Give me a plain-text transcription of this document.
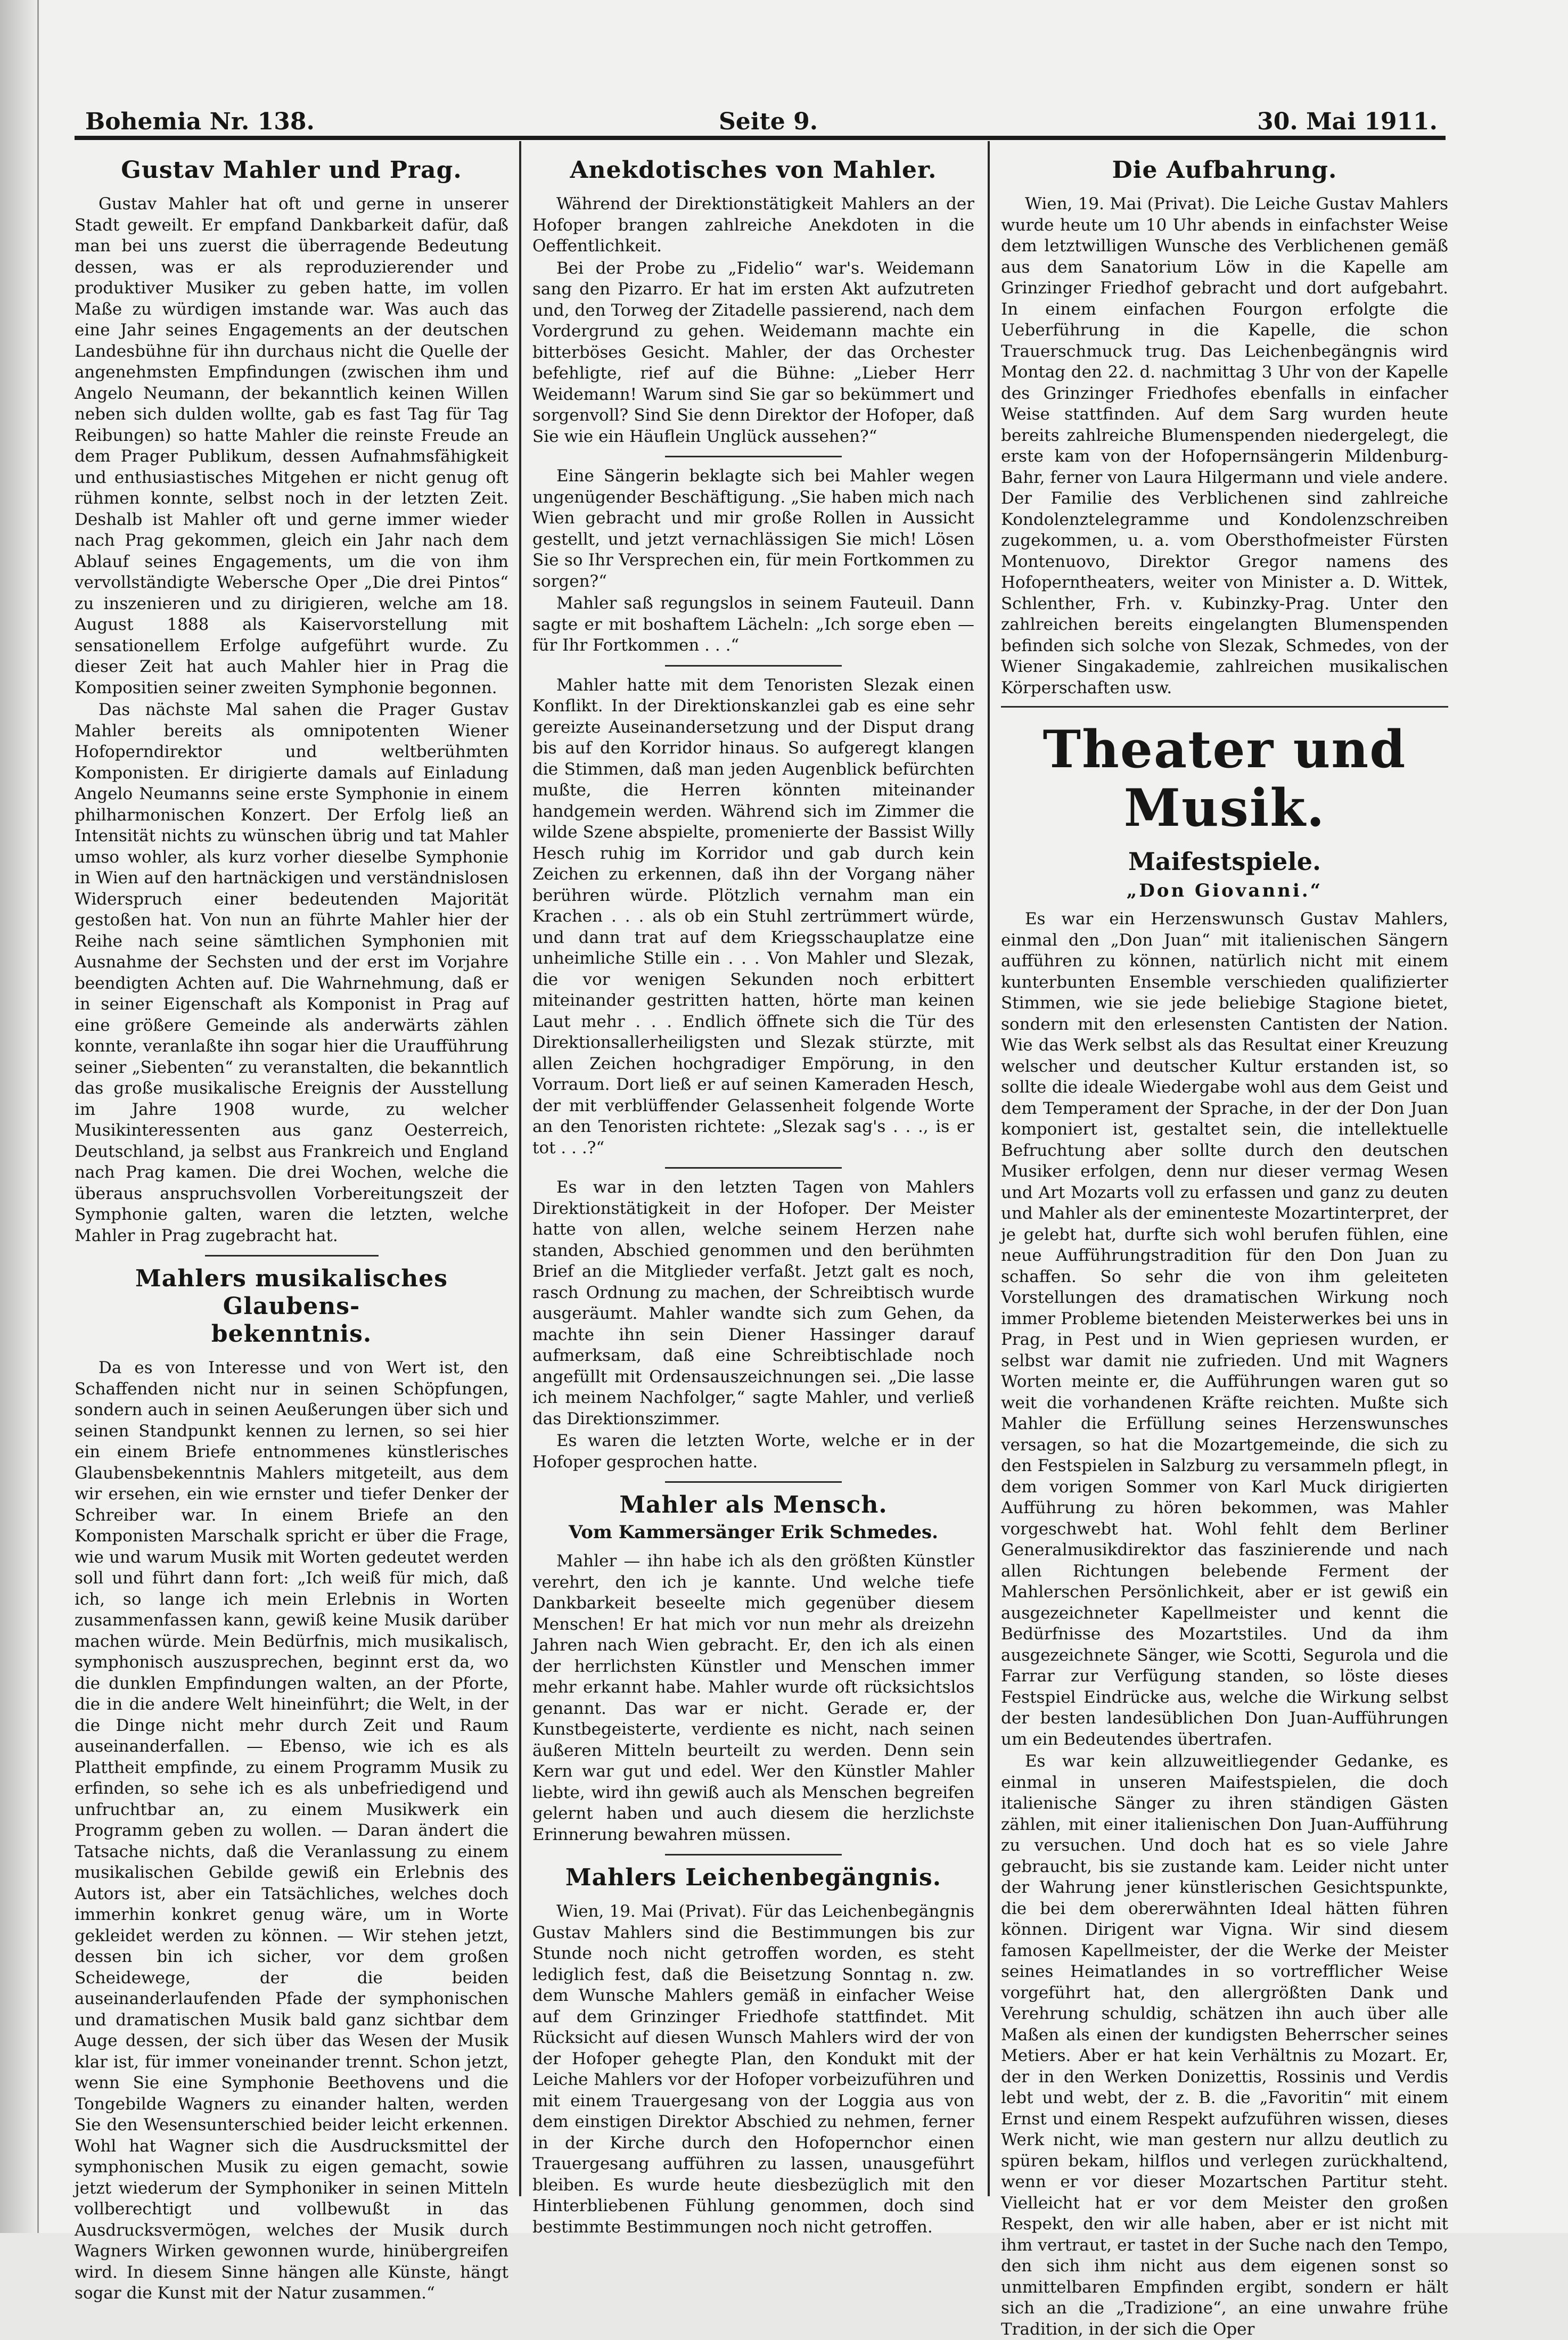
Bohemia Nr. 138.	Seite 9.	30. Mai 1911.
Gustav Mahler und Prag.

Gustav Mahler hat oft und gerne in unserer Stadt geweilt. Er empfand Dankbarkeit dafür, daß man bei uns zuerst die überragende Bedeutung dessen, was er als reproduzierender und produktiver Musiker zu geben hatte, im vollen Maße zu würdigen imstande war. Was auch das eine Jahr seines Engagements an der deutschen Landesbühne für ihn durchaus nicht die Quelle der angenehmsten Empfindungen (zwischen ihm und Angelo Neumann, der bekanntlich keinen Willen neben sich dulden wollte, gab es fast Tag für Tag Reibungen) so hatte Mahler die reinste Freude an dem Prager Publikum, dessen Aufnahmsfähigkeit und enthusiastisches Mitgehen er nicht genug oft rühmen konnte, selbst noch in der letzten Zeit. Deshalb ist Mahler oft und gerne immer wieder nach Prag gekommen, gleich ein Jahr nach dem Ablauf seines Engagements, um die von ihm vervollständigte Webersche Oper „Die drei Pintos“ zu inszenieren und zu dirigieren, welche am 18. August 1888 als Kaiservorstellung mit sensationellem Erfolge aufgeführt wurde. Zu dieser Zeit hat auch Mahler hier in Prag die Kompositien seiner zweiten Symphonie begonnen.

Das nächste Mal sahen die Prager Gustav Mahler bereits als omnipotenten Wiener Hofoperndirektor und weltberühmten Komponisten. Er dirigierte damals auf Einladung Angelo Neumanns seine erste Symphonie in einem philharmonischen Konzert. Der Erfolg ließ an Intensität nichts zu wünschen übrig und tat Mahler umso wohler, als kurz vorher dieselbe Symphonie in Wien auf den hartnäckigen und verständnislosen Widerspruch einer bedeutenden Majorität gestoßen hat. Von nun an führte Mahler hier der Reihe nach seine sämtlichen Symphonien mit Ausnahme der Sechsten und der erst im Vorjahre beendigten Achten auf. Die Wahrnehmung, daß er in seiner Eigenschaft als Komponist in Prag auf eine größere Gemeinde als anderwärts zählen konnte, veranlaßte ihn sogar hier die Uraufführung seiner „Siebenten“ zu veranstalten, die bekanntlich das große musikalische Ereignis der Ausstellung im Jahre 1908 wurde, zu welcher Musikinteressenten aus ganz Oesterreich, Deutschland, ja selbst aus Frankreich und England nach Prag kamen. Die drei Wochen, welche die überaus anspruchsvollen Vorbereitungszeit der Symphonie galten, waren die letzten, welche Mahler in Prag zugebracht hat.

Mahlers musikalisches Glaubens-
bekenntnis.

Da es von Interesse und von Wert ist, den Schaffenden nicht nur in seinen Schöpfungen, sondern auch in seinen Aeußerungen über sich und seinen Standpunkt kennen zu lernen, so sei hier ein einem Briefe entnommenes künstlerisches Glaubensbekenntnis Mahlers mitgeteilt, aus dem wir ersehen, ein wie ernster und tiefer Denker der Schreiber war. In einem Briefe an den Komponisten Marschalk spricht er über die Frage, wie und warum Musik mit Worten gedeutet werden soll und führt dann fort: „Ich weiß für mich, daß ich, so lange ich mein Erlebnis in Worten zusammenfassen kann, gewiß keine Musik darüber machen würde. Mein Bedürfnis, mich musikalisch, symphonisch auszusprechen, beginnt erst da, wo die dunklen Empfindungen walten, an der Pforte, die in die andere Welt hineinführt; die Welt, in der die Dinge nicht mehr durch Zeit und Raum auseinanderfallen. — Ebenso, wie ich es als Plattheit empfinde, zu einem Programm Musik zu erfinden, so sehe ich es als unbefriedigend und unfruchtbar an, zu einem Musikwerk ein Programm geben zu wollen. — Daran ändert die Tatsache nichts, daß die Veranlassung zu einem musikalischen Gebilde gewiß ein Erlebnis des Autors ist, aber ein Tatsächliches, welches doch immerhin konkret genug wäre, um in Worte gekleidet werden zu können. — Wir stehen jetzt, dessen bin ich sicher, vor dem großen Scheidewege, der die beiden auseinanderlaufenden Pfade der symphonischen und dramatischen Musik bald ganz sichtbar dem Auge dessen, der sich über das Wesen der Musik klar ist, für immer voneinander trennt. Schon jetzt, wenn Sie eine Symphonie Beethovens und die Tongebilde Wagners zu einander halten, werden Sie den Wesensunterschied beider leicht erkennen. Wohl hat Wagner sich die Ausdrucksmittel der symphonischen Musik zu eigen gemacht, sowie jetzt wiederum der Symphoniker in seinen Mitteln vollberechtigt und vollbewußt in das Ausdrucksvermögen, welches der Musik durch Wagners Wirken gewonnen wurde, hinübergreifen wird. In diesem Sinne hängen alle Künste, hängt sogar die Kunst mit der Natur zusammen.“

Anekdotisches von Mahler.

Während der Direktionstätigkeit Mahlers an der Hofoper brangen zahlreiche Anekdoten in die Oeffentlichkeit.

Bei der Probe zu „Fidelio“ war's. Weidemann sang den Pizarro. Er hat im ersten Akt aufzutreten und, den Torweg der Zitadelle passierend, nach dem Vordergrund zu gehen. Weidemann machte ein bitterböses Gesicht. Mahler, der das Orchester befehligte, rief auf die Bühne: „Lieber Herr Weidemann! Warum sind Sie gar so bekümmert und sorgenvoll? Sind Sie denn Direktor der Hofoper, daß Sie wie ein Häuflein Unglück aussehen?“

Eine Sängerin beklagte sich bei Mahler wegen ungenügender Beschäftigung. „Sie haben mich nach Wien gebracht und mir große Rollen in Aussicht gestellt, und jetzt vernachlässigen Sie mich! Lösen Sie so Ihr Versprechen ein, für mein Fortkommen zu sorgen?“

Mahler saß regungslos in seinem Fauteuil. Dann sagte er mit boshaftem Lächeln: „Ich sorge eben — für Ihr Fortkommen . . .“

Mahler hatte mit dem Tenoristen Slezak einen Konflikt. In der Direktionskanzlei gab es eine sehr gereizte Auseinandersetzung und der Disput drang bis auf den Korridor hinaus. So aufgeregt klangen die Stimmen, daß man jeden Augenblick befürchten mußte, die Herren könnten miteinander handgemein werden. Während sich im Zimmer die wilde Szene abspielte, promenierte der Bassist Willy Hesch ruhig im Korridor und gab durch kein Zeichen zu erkennen, daß ihn der Vorgang näher berühren würde. Plötzlich vernahm man ein Krachen . . . als ob ein Stuhl zertrümmert würde, und dann trat auf dem Kriegsschauplatze eine unheimliche Stille ein . . . Von Mahler und Slezak, die vor wenigen Sekunden noch erbittert miteinander gestritten hatten, hörte man keinen Laut mehr . . . Endlich öffnete sich die Tür des Direktionsallerheiligsten und Slezak stürzte, mit allen Zeichen hochgradiger Empörung, in den Vorraum. Dort ließ er auf seinen Kameraden Hesch, der mit verblüffender Gelassenheit folgende Worte an den Tenoristen richtete: „Slezak sag's . . ., is er tot . . .?“

Es war in den letzten Tagen von Mahlers Direktionstätigkeit in der Hofoper. Der Meister hatte von allen, welche seinem Herzen nahe standen, Abschied genommen und den berühmten Brief an die Mitglieder verfaßt. Jetzt galt es noch, rasch Ordnung zu machen, der Schreibtisch wurde ausgeräumt. Mahler wandte sich zum Gehen, da machte ihn sein Diener Hassinger darauf aufmerksam, daß eine Schreibtischlade noch angefüllt mit Ordensauszeichnungen sei. „Die lasse ich meinem Nachfolger,“ sagte Mahler, und verließ das Direktionszimmer.

Es waren die letzten Worte, welche er in der Hofoper gesprochen hatte.

Mahler als Mensch.
Vom Kammersänger Erik Schmedes.

Mahler — ihn habe ich als den größten Künstler verehrt, den ich je kannte. Und welche tiefe Dankbarkeit beseelte mich gegenüber diesem Menschen! Er hat mich vor nun mehr als dreizehn Jahren nach Wien gebracht. Er, den ich als einen der herrlichsten Künstler und Menschen immer mehr erkannt habe. Mahler wurde oft rücksichtslos genannt. Das war er nicht. Gerade er, der Kunstbegeisterte, verdiente es nicht, nach seinen äußeren Mitteln beurteilt zu werden. Denn sein Kern war gut und edel. Wer den Künstler Mahler liebte, wird ihn gewiß auch als Menschen begreifen gelernt haben und auch diesem die herzlichste Erinnerung bewahren müssen.

Mahlers Leichenbegängnis.

Wien, 19. Mai (Privat). Für das Leichenbegängnis Gustav Mahlers sind die Bestimmungen bis zur Stunde noch nicht getroffen worden, es steht lediglich fest, daß die Beisetzung Sonntag n. zw. dem Wunsche Mahlers gemäß in einfacher Weise auf dem Grinzinger Friedhofe stattfindet. Mit Rücksicht auf diesen Wunsch Mahlers wird der von der Hofoper gehegte Plan, den Kondukt mit der Leiche Mahlers vor der Hofoper vorbeizuführen und mit einem Trauergesang von der Loggia aus von dem einstigen Direktor Abschied zu nehmen, ferner in der Kirche durch den Hofopernchor einen Trauergesang aufführen zu lassen, unausgeführt bleiben. Es wurde heute diesbezüglich mit den Hinterbliebenen Fühlung genommen, doch sind bestimmte Bestimmungen noch nicht getroffen.

Die Aufbahrung.

Wien, 19. Mai (Privat). Die Leiche Gustav Mahlers wurde heute um 10 Uhr abends in einfachster Weise dem letztwilligen Wunsche des Verblichenen gemäß aus dem Sanatorium Löw in die Kapelle am Grinzinger Friedhof gebracht und dort aufgebahrt. In einem einfachen Fourgon erfolgte die Ueberführung in die Kapelle, die schon Trauerschmuck trug. Das Leichenbegängnis wird Montag den 22. d. nachmittag 3 Uhr von der Kapelle des Grinzinger Friedhofes ebenfalls in einfacher Weise stattfinden. Auf dem Sarg wurden heute bereits zahlreiche Blumenspenden niedergelegt, die erste kam von der Hofopernsängerin Mildenburg-Bahr, ferner von Laura Hilgermann und viele andere. Der Familie des Verblichenen sind zahlreiche Kondolenztelegramme und Kondolenzschreiben zugekommen, u. a. vom Obersthofmeister Fürsten Montenuovo, Direktor Gregor namens des Hofoperntheaters, weiter von Minister a. D. Wittek, Schlenther, Frh. v. Kubinzky-Prag. Unter den zahlreichen bereits eingelangten Blumenspenden befinden sich solche von Slezak, Schmedes, von der Wiener Singakademie, zahlreichen musikalischen Körperschaften usw.

Theater und Musik.
Maifestspiele.
„Don Giovanni.“

Es war ein Herzenswunsch Gustav Mahlers, einmal den „Don Juan“ mit italienischen Sängern aufführen zu können, natürlich nicht mit einem kunterbunten Ensemble verschieden qualifizierter Stimmen, wie sie jede beliebige Stagione bietet, sondern mit den erlesensten Cantisten der Nation. Wie das Werk selbst als das Resultat einer Kreuzung welscher und deutscher Kultur erstanden ist, so sollte die ideale Wiedergabe wohl aus dem Geist und dem Temperament der Sprache, in der der Don Juan komponiert ist, gestaltet sein, die intellektuelle Befruchtung aber sollte durch den deutschen Musiker erfolgen, denn nur dieser vermag Wesen und Art Mozarts voll zu erfassen und ganz zu deuten und Mahler als der eminenteste Mozartinterpret, der je gelebt hat, durfte sich wohl berufen fühlen, eine neue Aufführungstradition für den Don Juan zu schaffen. So sehr die von ihm geleiteten Vorstellungen des dramatischen Wirkung noch immer Probleme bietenden Meisterwerkes bei uns in Prag, in Pest und in Wien gepriesen wurden, er selbst war damit nie zufrieden. Und mit Wagners Worten meinte er, die Aufführungen waren gut so weit die vorhandenen Kräfte reichten. Mußte sich Mahler die Erfüllung seines Herzenswunsches versagen, so hat die Mozartgemeinde, die sich zu den Festspielen in Salzburg zu versammeln pflegt, in dem vorigen Sommer von Karl Muck dirigierten Aufführung zu hören bekommen, was Mahler vorgeschwebt hat. Wohl fehlt dem Berliner Generalmusikdirektor das faszinierende und nach allen Richtungen belebende Ferment der Mahlerschen Persönlichkeit, aber er ist gewiß ein ausgezeichneter Kapellmeister und kennt die Bedürfnisse des Mozartstiles. Und da ihm ausgezeichnete Sänger, wie Scotti, Segurola und die Farrar zur Verfügung standen, so löste dieses Festspiel Eindrücke aus, welche die Wirkung selbst der besten landesüblichen Don Juan-Aufführungen um ein Bedeutendes übertrafen.

Es war kein allzuweitliegender Gedanke, es einmal in unseren Maifestspielen, die doch italienische Sänger zu ihren ständigen Gästen zählen, mit einer italienischen Don Juan-Aufführung zu versuchen. Und doch hat es so viele Jahre gebraucht, bis sie zustande kam. Leider nicht unter der Wahrung jener künstlerischen Gesichtspunkte, die bei dem obererwähnten Ideal hätten führen können. Dirigent war Vigna. Wir sind diesem famosen Kapellmeister, der die Werke der Meister seines Heimatlandes in so vortrefflicher Weise vorgeführt hat, den allergrößten Dank und Verehrung schuldig, schätzen ihn auch über alle Maßen als einen der kundigsten Beherrscher seines Metiers. Aber er hat kein Verhältnis zu Mozart. Er, der in den Werken Donizettis, Rossinis und Verdis lebt und webt, der z. B. die „Favoritin“ mit einem Ernst und einem Respekt aufzuführen wissen, dieses Werk nicht, wie man gestern nur allzu deutlich zu spüren bekam, hilflos und verlegen zurückhaltend, wenn er vor dieser Mozartschen Partitur steht. Vielleicht hat er vor dem Meister den großen Respekt, den wir alle haben, aber er ist nicht mit ihm vertraut, er tastet in der Suche nach den Tempo, den sich ihm nicht aus dem eigenen sonst so unmittelbaren Empfinden ergibt, sondern er hält sich an die „Tradizione“, an eine unwahre frühe Tradition, in der sich die Oper
